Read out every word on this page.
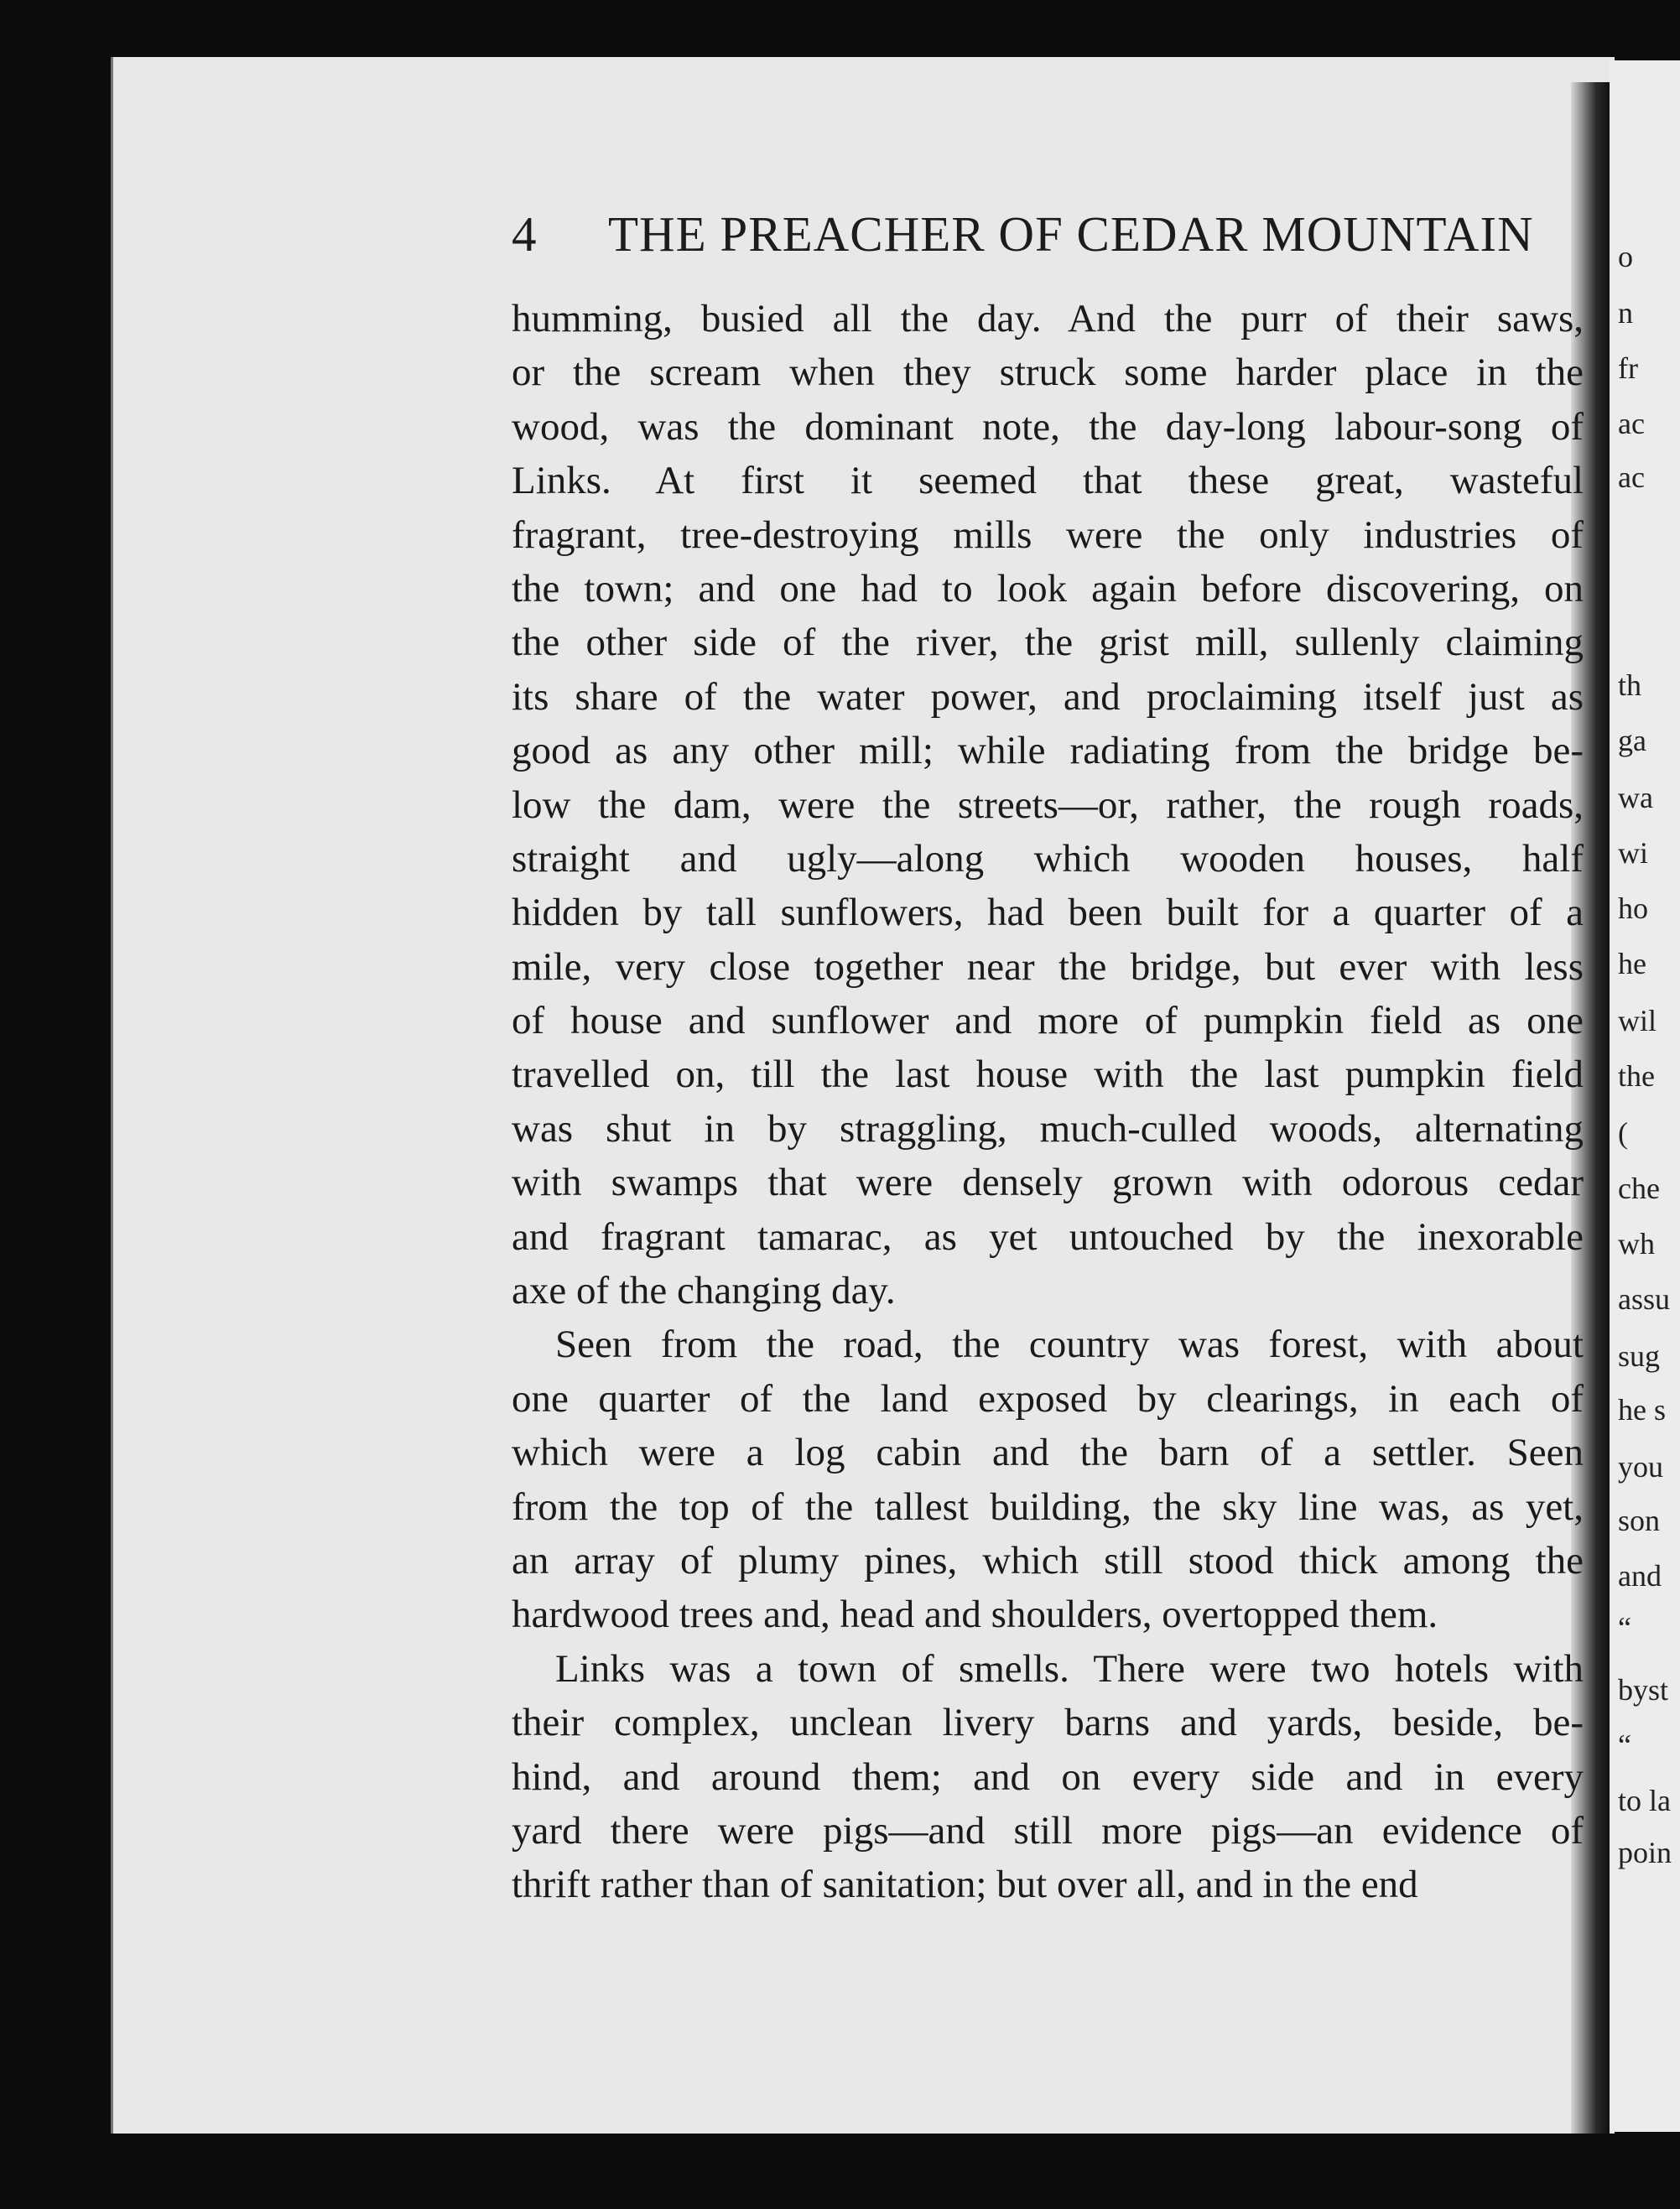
o
n
fr
ac
ac
th
ga
wa
wi
ho
he
wil
the
(
che
wh
assu
sug
he s
you
son
and
“
byst
“
to la
poin
4 THE PREACHER OF CEDAR MOUNTAIN
humming, busied all the day. And the purr of their saws,
or the scream when they struck some harder place in the
wood, was the dominant note, the day-long labour-song of
Links. At first it seemed that these great, wasteful
fragrant, tree-destroying mills were the only industries of
the town; and one had to look again before discovering, on
the other side of the river, the grist mill, sullenly claiming
its share of the water power, and proclaiming itself just as
good as any other mill; while radiating from the bridge be-
low the dam, were the streets—or, rather, the rough roads,
straight and ugly—along which wooden houses, half
hidden by tall sunflowers, had been built for a quarter of a
mile, very close together near the bridge, but ever with less
of house and sunflower and more of pumpkin field as one
travelled on, till the last house with the last pumpkin field
was shut in by straggling, much-culled woods, alternating
with swamps that were densely grown with odorous cedar
and fragrant tamarac, as yet untouched by the inexorable
axe of the changing day.
Seen from the road, the country was forest, with about
one quarter of the land exposed by clearings, in each of
which were a log cabin and the barn of a settler. Seen
from the top of the tallest building, the sky line was, as yet,
an array of plumy pines, which still stood thick among the
hardwood trees and, head and shoulders, overtopped them.
Links was a town of smells. There were two hotels with
their complex, unclean livery barns and yards, beside, be-
hind, and around them; and on every side and in every
yard there were pigs—and still more pigs—an evidence of
thrift rather than of sanitation; but over all, and in the end
